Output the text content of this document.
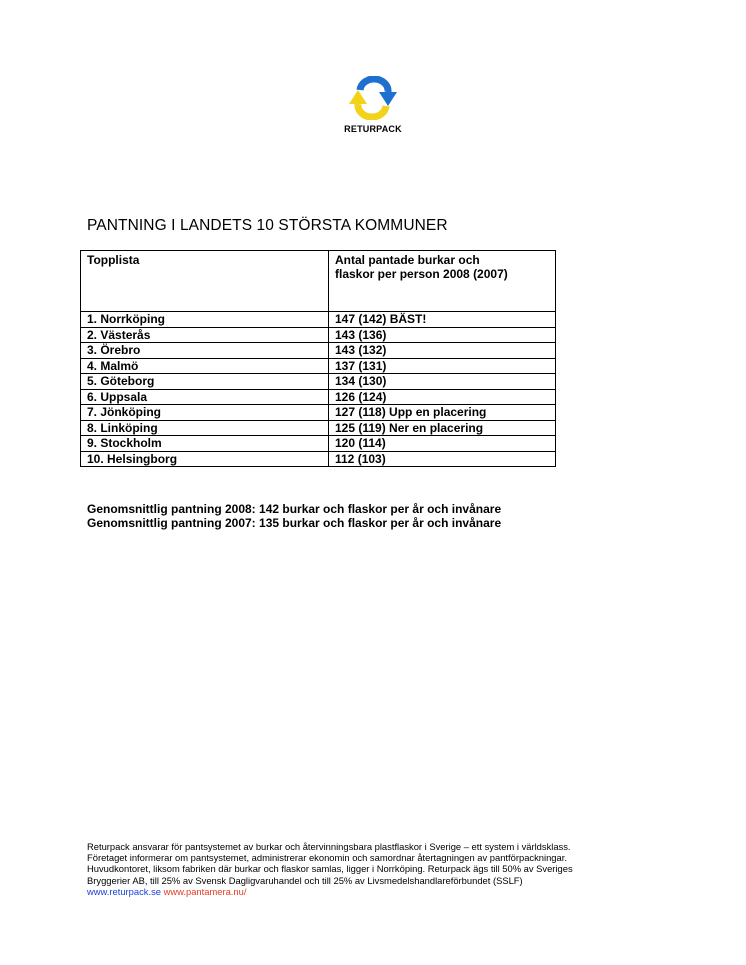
RETURPACK
PANTNING I LANDETS 10 STÖRSTA KOMMUNER
Topplista	Antal pantade burkar och
flaskor per person 2008 (2007)

1. Norrköping	147 (142) BÄST!
2. Västerås	143 (136)
3. Örebro	143 (132)
4. Malmö	137 (131)
5. Göteborg	134 (130)
6. Uppsala	126 (124)
7. Jönköping	127 (118) Upp en placering
8. Linköping	125 (119) Ner en placering
9. Stockholm	120 (114)
10. Helsingborg	112 (103)
Genomsnittlig pantning 2008: 142 burkar och flaskor per år och invånare
Genomsnittlig pantning 2007: 135 burkar och flaskor per år och invånare
Returpack ansvarar för pantsystemet av burkar och återvinningsbara plastflaskor i Sverige – ett system i världsklass.
Företaget informerar om pantsystemet, administrerar ekonomin och samordnar återtagningen av pantförpackningar.
Huvudkontoret, liksom fabriken där burkar och flaskor samlas, ligger i Norrköping. Returpack ägs till 50% av Sveriges
Bryggerier AB, till 25% av Svensk Dagligvaruhandel och till 25% av Livsmedelshandlareförbundet (SSLF)
www.returpack.se www.pantamera.nu/
